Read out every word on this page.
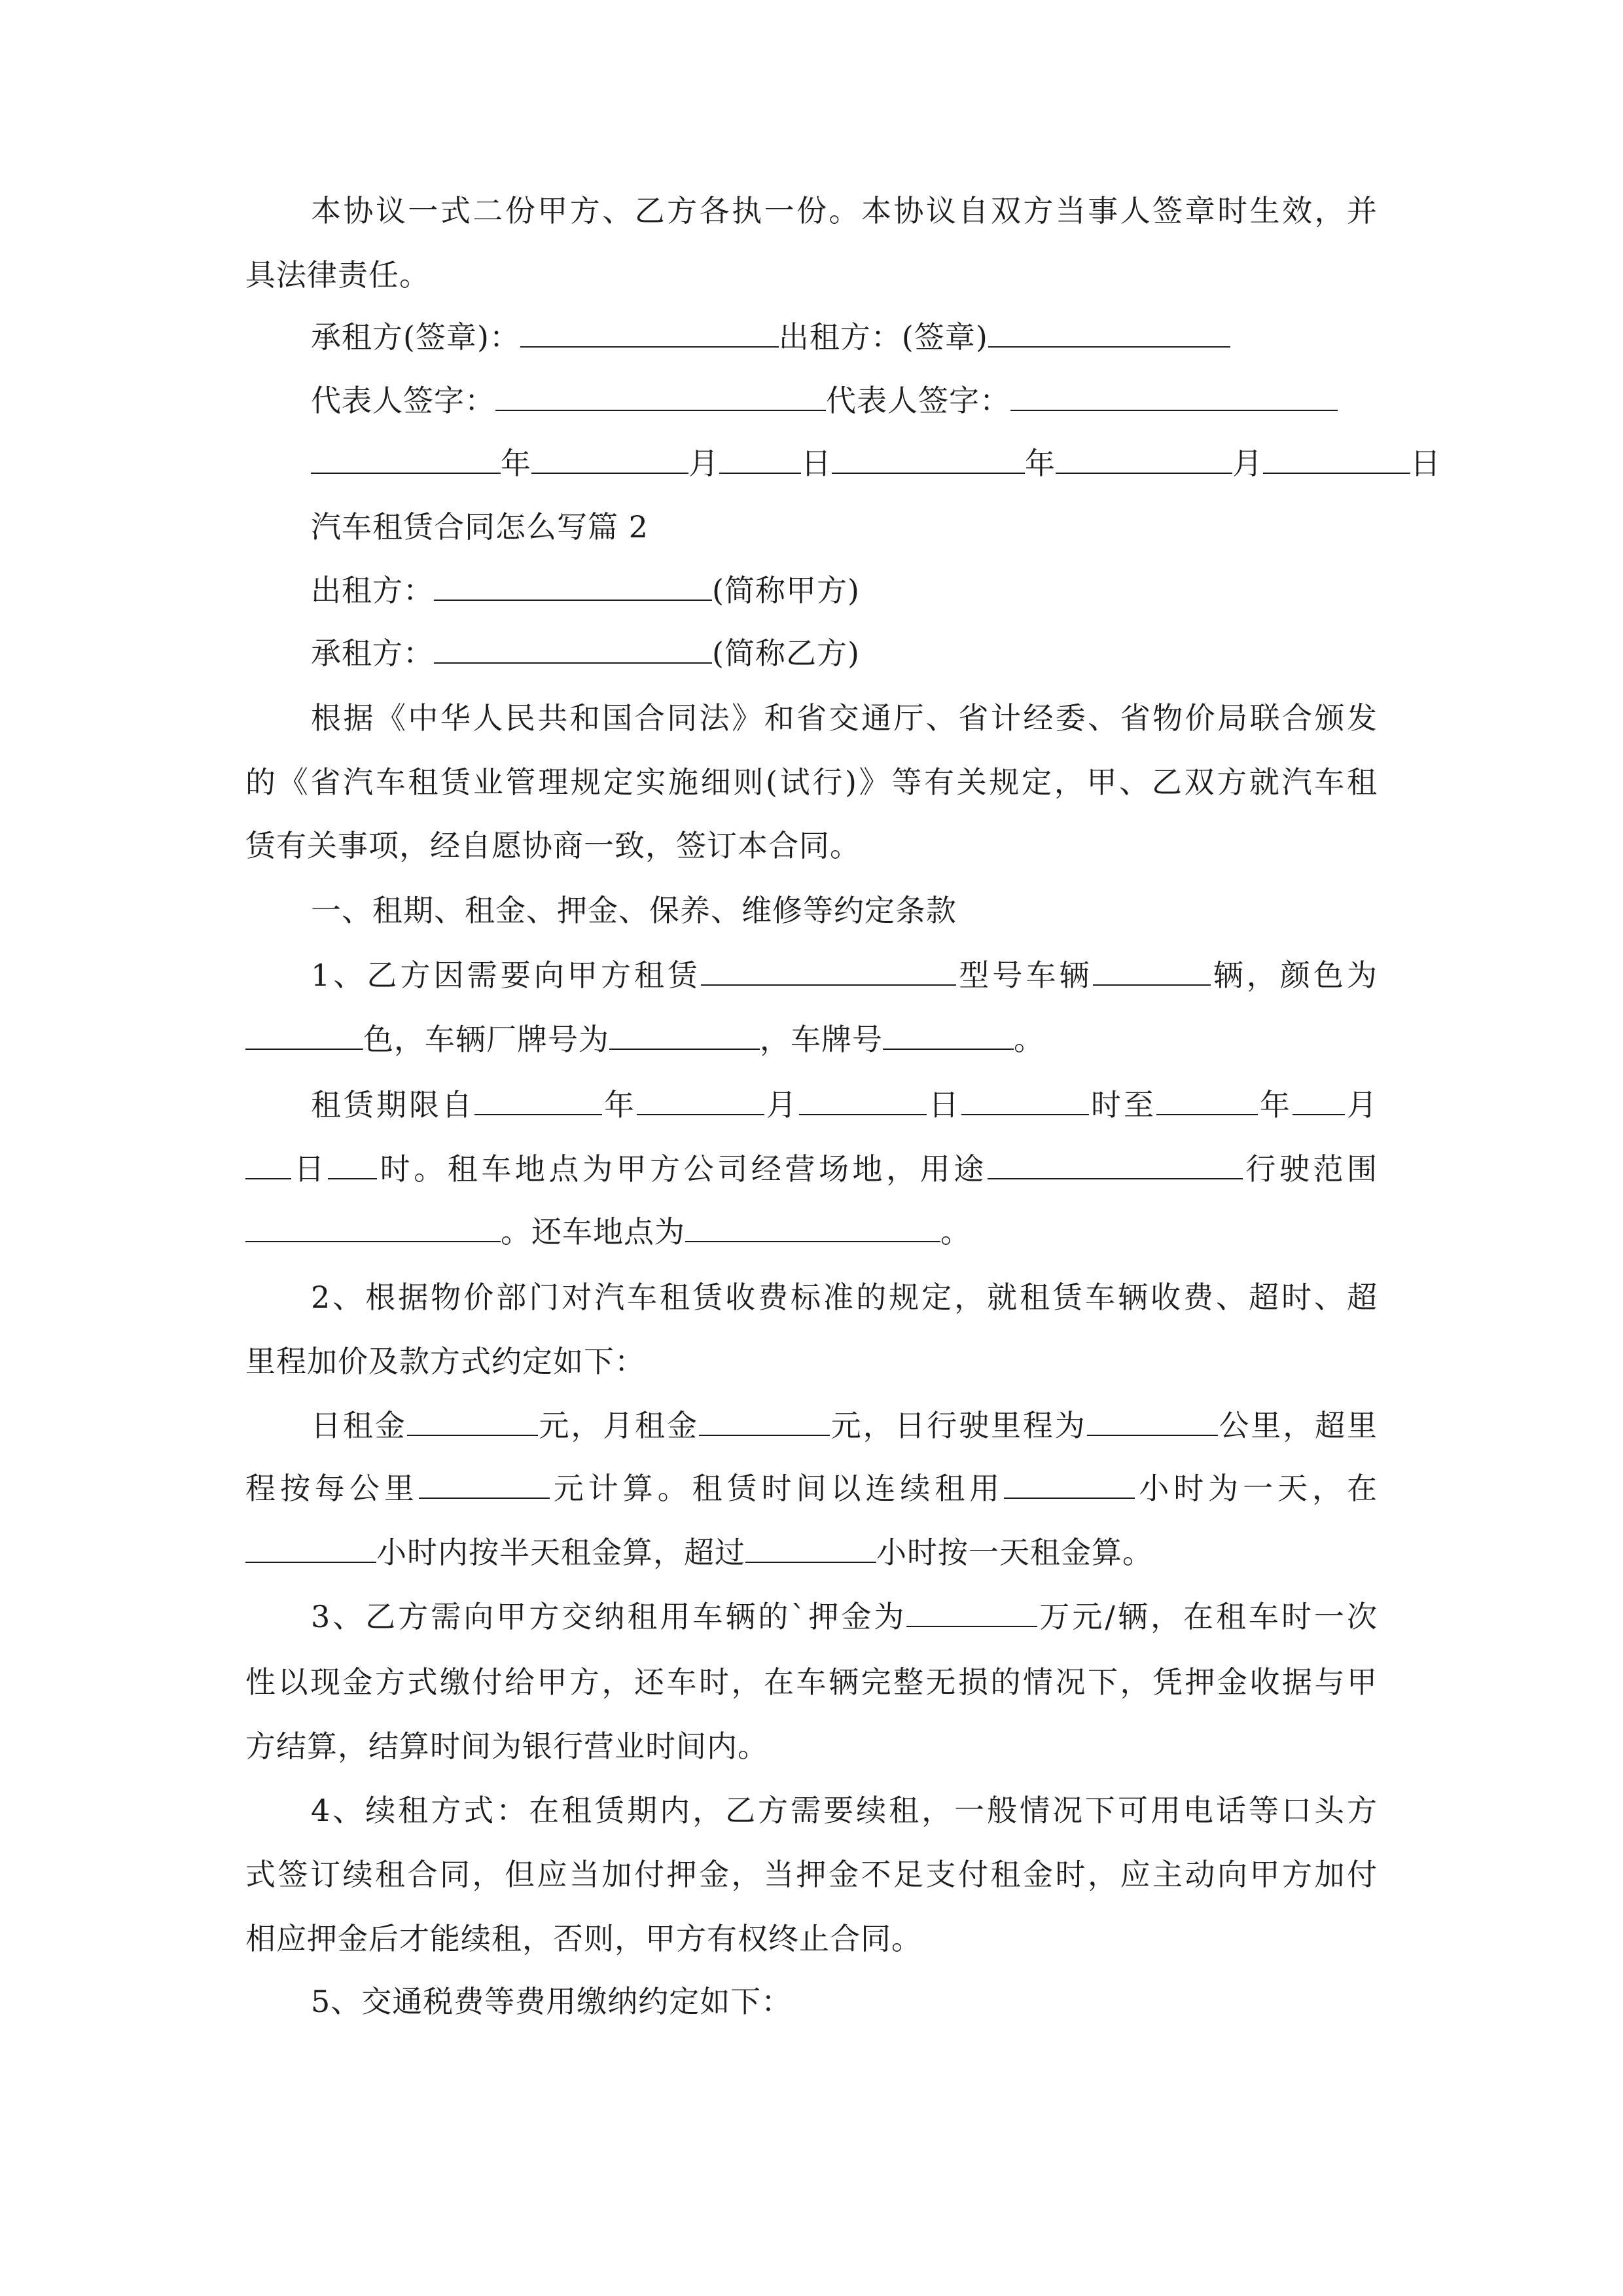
本协议一式二份甲方、乙方各执一份。本协议自双方当事人签章时生效，并
具法律责任。
承租方(签章)：	出租方：(签章)
代表人签字：	代表人签字：
年	月	日	年	月	日
汽车租赁合同怎么写篇 2
出租方：	(简称甲方)
承租方：	(简称乙方)
根据《中华人民共和国合同法》和省交通厅、省计经委、省物价局联合颁发
的《省汽车租赁业管理规定实施细则(试行)》等有关规定，甲、乙双方就汽车租
赁有关事项，经自愿协商一致，签订本合同。
一、租期、租金、押金、保养、维修等约定条款
1、乙方因需要向甲方租赁	型号车辆	辆，颜色为
色，车辆厂牌号为	，车牌号	。
租赁期限自	年	月	日	时至	年 月
日 时。租车地点为甲方公司经营场地，用途	行驶范围
。还车地点为	。
2、根据物价部门对汽车租赁收费标准的规定，就租赁车辆收费、超时、超
里程加价及款方式约定如下：
日租金	元，月租金	元，日行驶里程为	公里，超里
程按每公里	元计算。租赁时间以连续租用	小时为一天，在
小时内按半天租金算，超过	小时按一天租金算。
3、乙方需向甲方交纳租用车辆的`押金为	万元/辆，在租车时一次
性以现金方式缴付给甲方，还车时，在车辆完整无损的情况下，凭押金收据与甲
方结算，结算时间为银行营业时间内。
4、续租方式：在租赁期内，乙方需要续租，一般情况下可用电话等口头方
式签订续租合同，但应当加付押金，当押金不足支付租金时，应主动向甲方加付
相应押金后才能续租，否则，甲方有权终止合同。
5、交通税费等费用缴纳约定如下：
